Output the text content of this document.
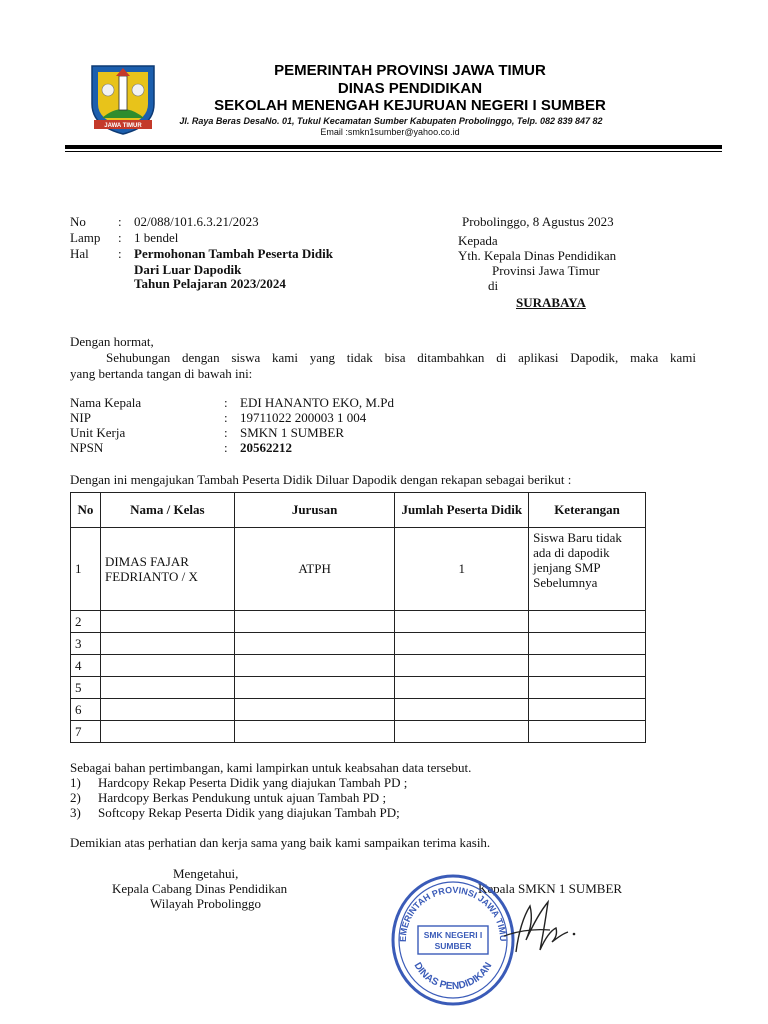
JAWA TIMUR
PEMERINTAH PROVINSI JAWA TIMUR
DINAS PENDIDIKAN
SEKOLAH MENENGAH KEJURUAN NEGERI I SUMBER
Jl. Raya Beras DesaNo. 01, Tukul Kecamatan Sumber Kabupaten Probolinggo, Telp. 082 839 847 82
Email :smkn1sumber@yahoo.co.id
No : 02/088/101.6.3.21/2023
Lamp : 1 bendel
Hal : Permohonan Tambah Peserta Didik
Dari Luar Dapodik
Tahun Pelajaran 2023/2024
Probolinggo, 8 Agustus 2023
Kepada
Yth. Kepala Dinas Pendidikan
Provinsi Jawa Timur
di
SURABAYA
Dengan hormat,
Sehubungan dengan siswa kami yang tidak bisa ditambahkan di aplikasi Dapodik, maka kami
yang bertanda tangan di bawah ini:
Nama Kepala	: EDI HANANTO EKO, M.Pd
NIP	: 19711022 200003 1 004
Unit Kerja	: SMKN 1 SUMBER
NPSN	: 20562212
Dengan ini mengajukan Tambah Peserta Didik Diluar Dapodik dengan rekapan sebagai berikut :
No	Nama / Kelas	Jurusan	Jumlah Peserta Didik	Keterangan
1	DIMAS FAJAR FEDRIANTO / X	ATPH	1	Siswa Baru tidak ada di dapodik jenjang SMP Sebelumnya
2				
3				
4				
5				
6				
7				
Sebagai bahan pertimbangan, kami lampirkan untuk keabsahan data tersebut.
1) Hardcopy Rekap Peserta Didik yang diajukan Tambah PD ;
2) Hardcopy Berkas Pendukung untuk ajuan Tambah PD ;
3) Softcopy Rekap Peserta Didik yang diajukan Tambah PD;
Demikian atas perhatian dan kerja sama yang baik kami sampaikan terima kasih.
Mengetahui,
Kepala Cabang Dinas Pendidikan
Wilayah Probolinggo
Kepala SMKN 1 SUMBER
EMERINTAH PROVINSI JAWA TIMU
SMK NEGERI I
SUMBER
DINAS PENDIDIKAN
